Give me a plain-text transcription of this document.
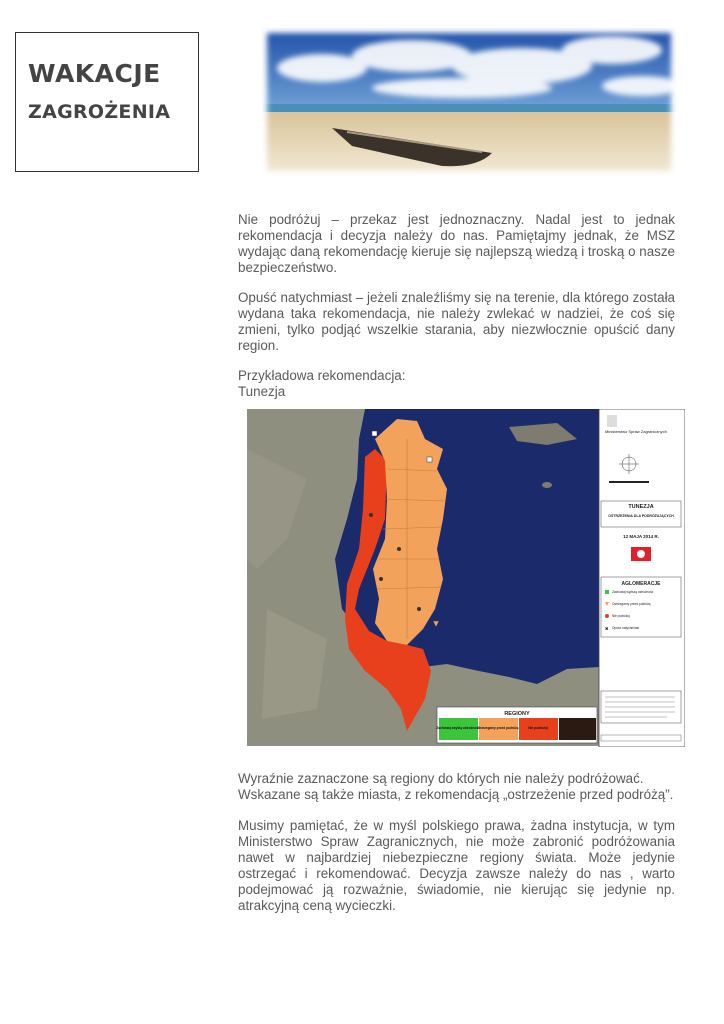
WAKACJE
ZAGROŻENIA

Nie podróżuj – przekaz jest jednoznaczny. Nadal jest to jednak rekomendacja i decyzja należy do nas. Pamiętajmy jednak, że MSZ wydając daną rekomendację kieruje się najlepszą wiedzą i troską o nasze bezpieczeństwo.

Opuść natychmiast – jeżeli znaleźliśmy się na terenie, dla którego została wydana taka rekomendacja, nie należy zwlekać w nadziei, że coś się zmieni, tylko podjąć wszelkie starania, aby niezwłocznie opuścić dany region.

Przykładowa rekomendacja:

Tunezja

Ministerstwo Spraw Zagranicznych
TUNEZJA
OSTRZEŻENIA DLA PODRÓŻUJĄCYCH
12 MAJA 2014 R.
AGLOMERACJE
Zachowaj wyższą ostrożność
Ostrzegamy przed podróżą
Nie podróżuj
✖ Opuść natychmiast
REGIONY
Zachowaj zwykłą ostrożność
Ostrzegamy przed podróżą	Nie podróżuj

Wyraźnie zaznaczone są regiony do których nie należy podróżować.

Wskazane są także miasta, z rekomendacją „ostrzeżenie przed podróżą”.

Musimy pamiętać, że w myśl polskiego prawa, żadna instytucja, w tym Ministerstwo Spraw Zagranicznych, nie może zabronić podróżowania nawet w najbardziej niebezpieczne regiony świata. Może jedynie ostrzegać i rekomendować. Decyzja zawsze należy do nas , warto podejmować ją rozważnie, świadomie, nie kierując się jedynie np. atrakcyjną ceną wycieczki.
